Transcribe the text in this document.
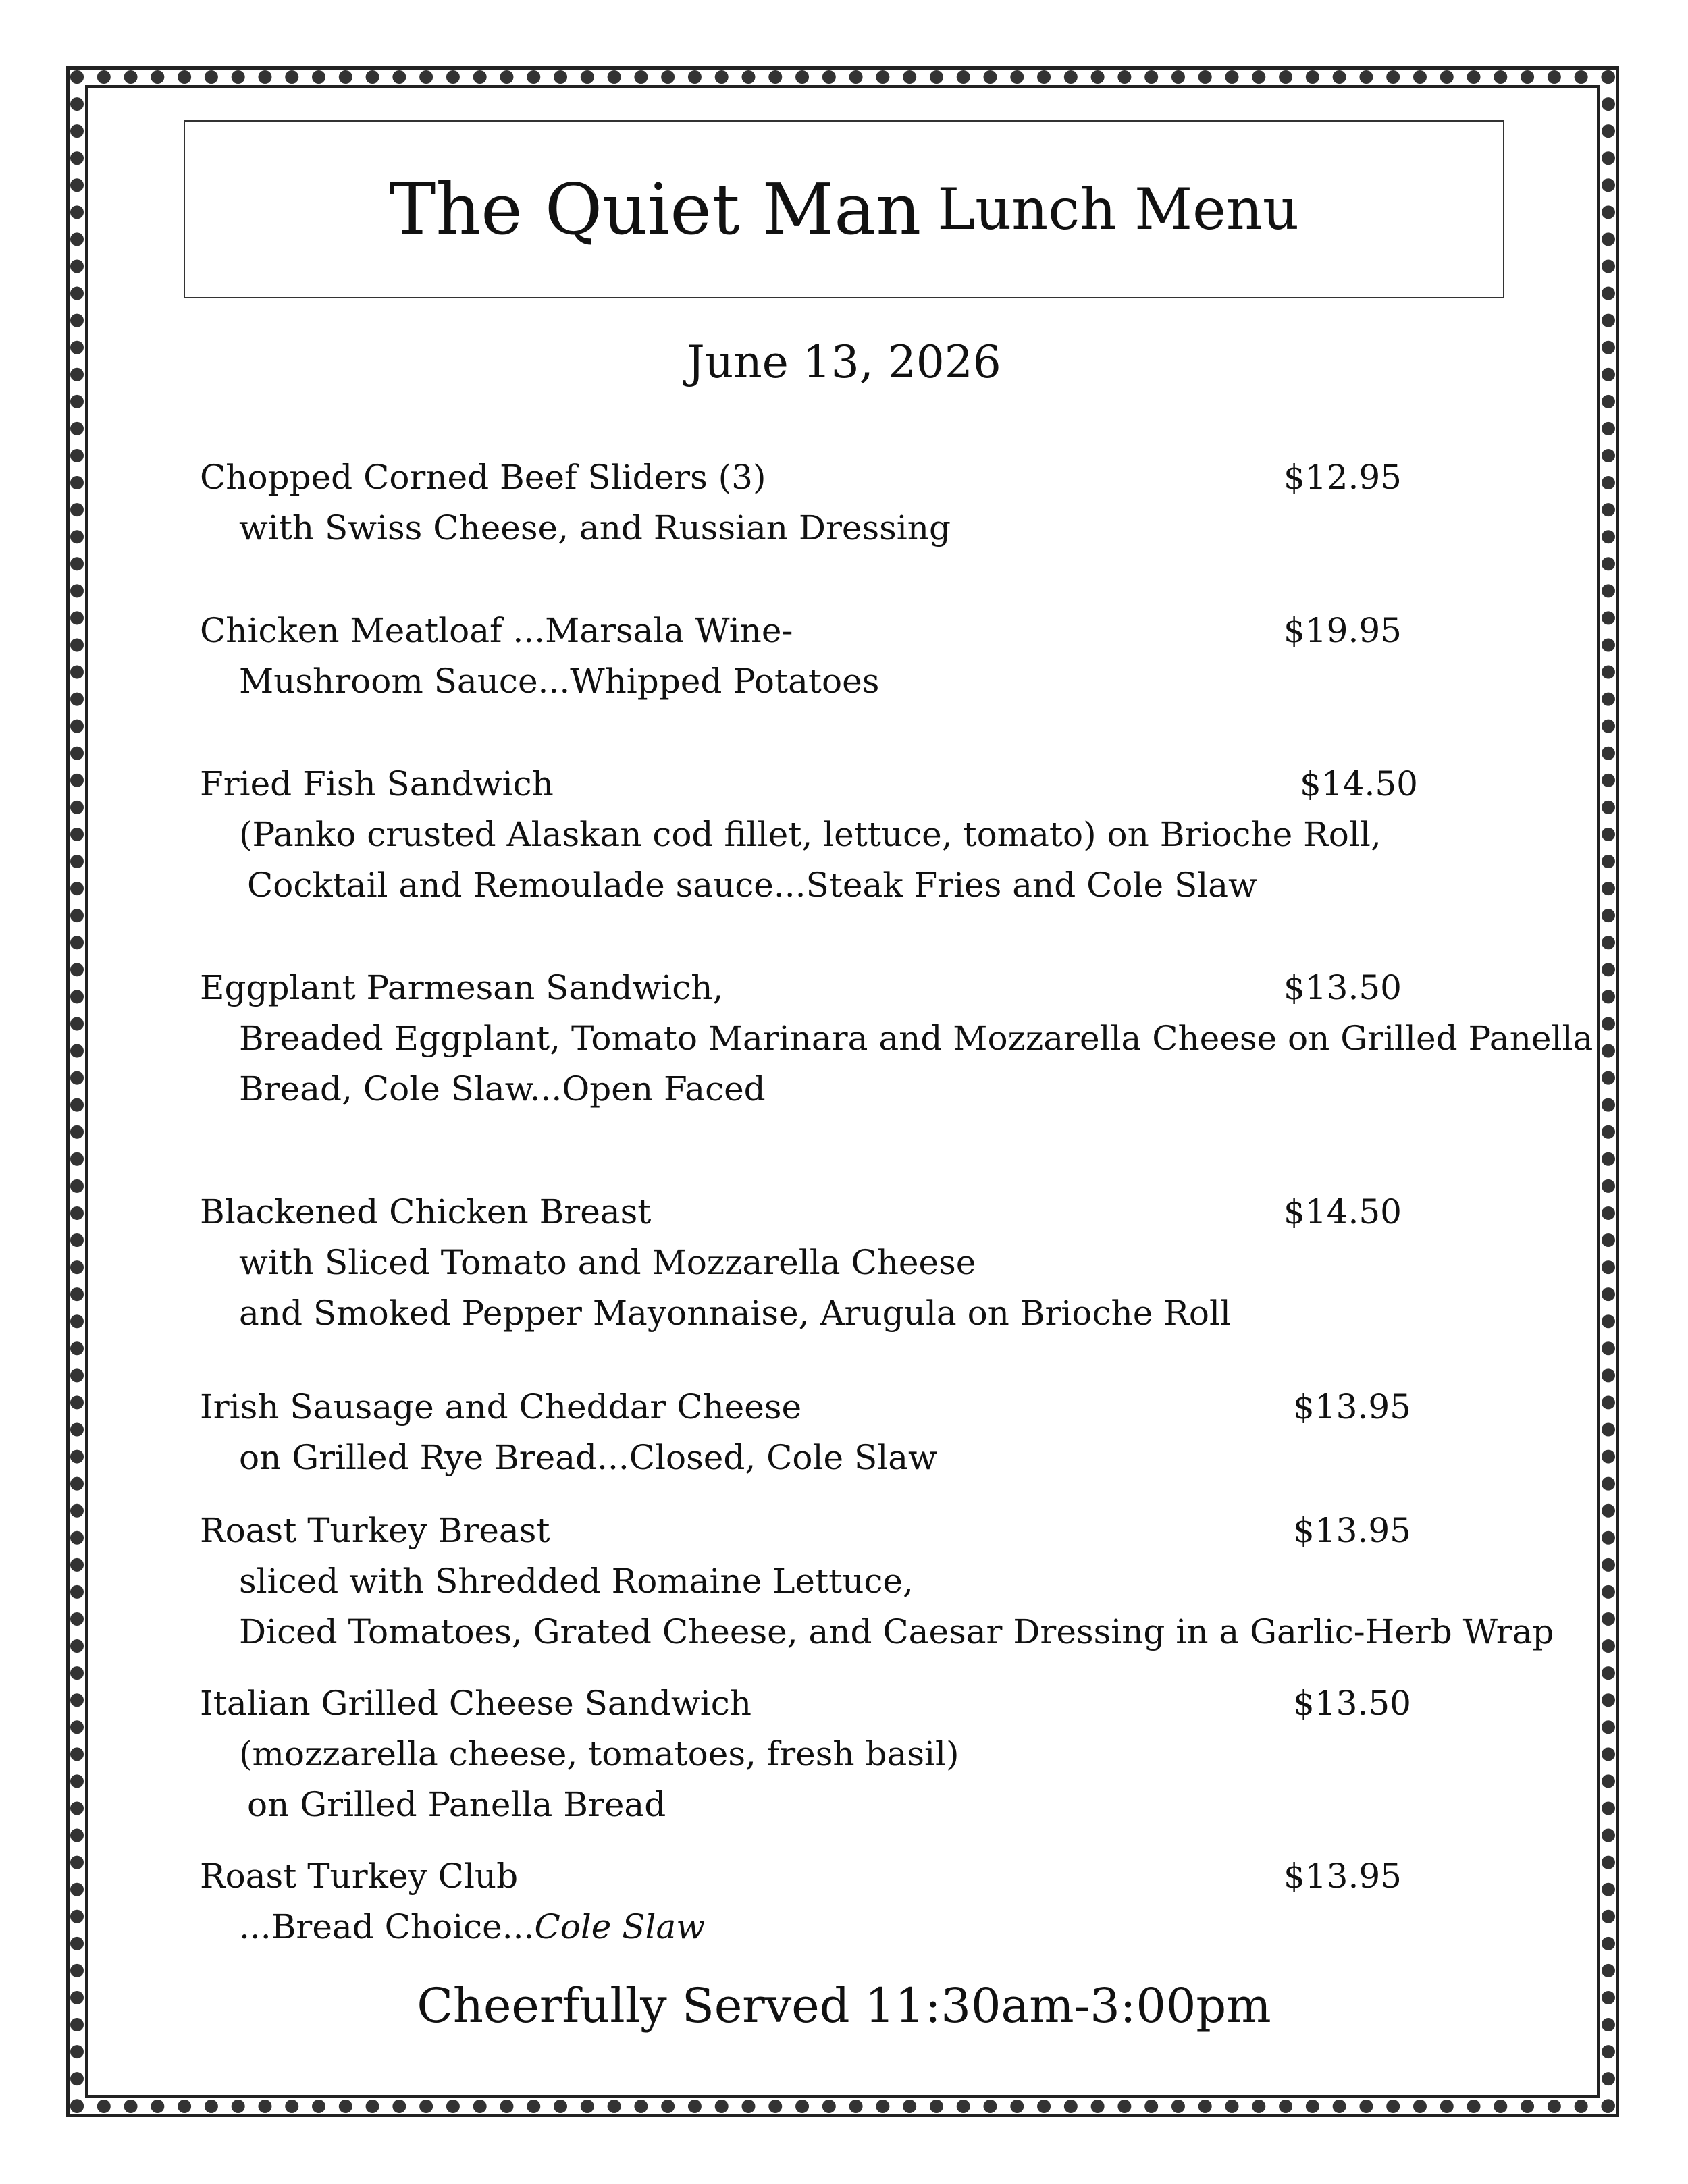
The Quiet Man Lunch Menu
June 13, 2026
Chopped Corned Beef Sliders (3)	$12.95
with Swiss Cheese, and Russian Dressing
Chicken Meatloaf ...Marsala Wine-	$19.95
Mushroom Sauce...Whipped Potatoes
Fried Fish Sandwich	$14.50
(Panko crusted Alaskan cod fillet, lettuce, tomato) on Brioche Roll,
Cocktail and Remoulade sauce...Steak Fries and Cole Slaw
Eggplant Parmesan Sandwich,	$13.50
Breaded Eggplant, Tomato Marinara and Mozzarella Cheese on Grilled Panella
Bread, Cole Slaw...Open Faced
Blackened Chicken Breast	$14.50
with Sliced Tomato and Mozzarella Cheese
and Smoked Pepper Mayonnaise, Arugula on Brioche Roll
Irish Sausage and Cheddar Cheese	$13.95
on Grilled Rye Bread...Closed, Cole Slaw
Roast Turkey Breast	$13.95
sliced with Shredded Romaine Lettuce,
Diced Tomatoes, Grated Cheese, and Caesar Dressing in a Garlic-Herb Wrap
Italian Grilled Cheese Sandwich	$13.50
(mozzarella cheese, tomatoes, fresh basil)
on Grilled Panella Bread
Roast Turkey Club	$13.95
...Bread Choice...Cole Slaw
Cheerfully Served 11:30am-3:00pm
